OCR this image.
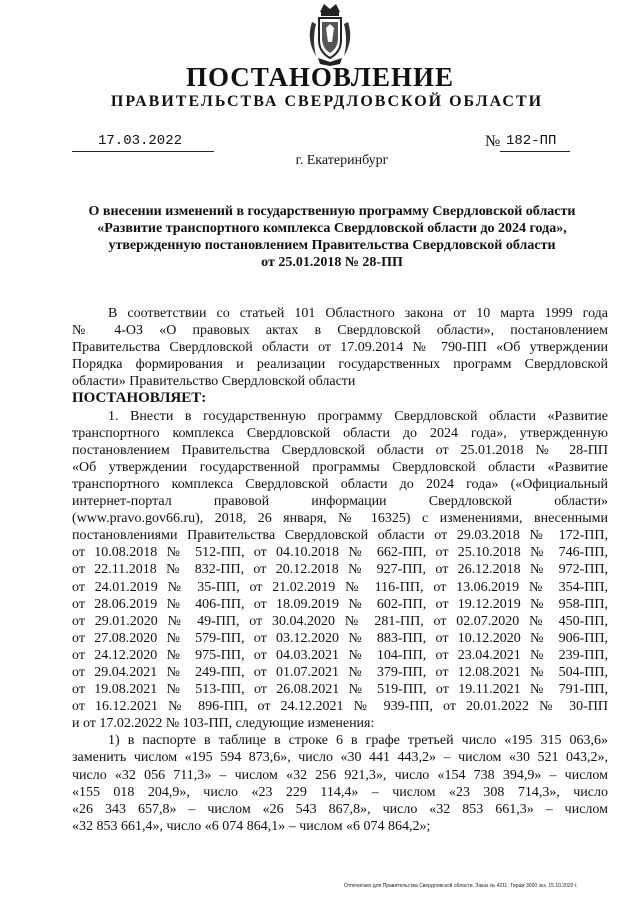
ПОСТАНОВЛЕНИЕ
ПРАВИТЕЛЬСТВА СВЕРДЛОВСКОЙ ОБЛАСТИ
17.03.2022	№ 182-ПП
г. Екатеринбург
О внесении изменений в государственную программу Свердловской области
«Развитие транспортного комплекса Свердловской области до 2024 года»,
утвержденную постановлением Правительства Свердловской области
от 25.01.2018 № 28-ПП
В соответствии со статьей 101 Областного закона от 10 марта 1999 года
№ 4-ОЗ «О правовых актах в Свердловской области», постановлением
Правительства Свердловской области от 17.09.2014 № 790-ПП «Об утверждении
Порядка формирования и реализации государственных программ Свердловской
области» Правительство Свердловской области
ПОСТАНОВЛЯЕТ:
1. Внести в государственную программу Свердловской области «Развитие
транспортного комплекса Свердловской области до 2024 года», утвержденную
постановлением Правительства Свердловской области от 25.01.2018 № 28-ПП
«Об утверждении государственной программы Свердловской области «Развитие
транспортного комплекса Свердловской области до 2024 года» («Официальный
интернет-портал правовой информации Свердловской области»
(www.pravo.gov66.ru), 2018, 26 января, № 16325) с изменениями, внесенными
постановлениями Правительства Свердловской области от 29.03.2018 № 172-ПП,
от 10.08.2018 № 512-ПП, от 04.10.2018 № 662-ПП, от 25.10.2018 № 746-ПП,
от 22.11.2018 № 832-ПП, от 20.12.2018 № 927-ПП, от 26.12.2018 № 972-ПП,
от 24.01.2019 № 35-ПП, от 21.02.2019 № 116-ПП, от 13.06.2019 № 354-ПП,
от 28.06.2019 № 406-ПП, от 18.09.2019 № 602-ПП, от 19.12.2019 № 958-ПП,
от 29.01.2020 № 49-ПП, от 30.04.2020 № 281-ПП, от 02.07.2020 № 450-ПП,
от 27.08.2020 № 579-ПП, от 03.12.2020 № 883-ПП, от 10.12.2020 № 906-ПП,
от 24.12.2020 № 975-ПП, от 04.03.2021 № 104-ПП, от 23.04.2021 № 239-ПП,
от 29.04.2021 № 249-ПП, от 01.07.2021 № 379-ПП, от 12.08.2021 № 504-ПП,
от 19.08.2021 № 513-ПП, от 26.08.2021 № 519-ПП, от 19.11.2021 № 791-ПП,
от 16.12.2021 № 896-ПП, от 24.12.2021 № 939-ПП, от 20.01.2022 № 30-ПП
и от 17.02.2022 № 103-ПП, следующие изменения:
1) в паспорте в таблице в строке 6 в графе третьей число «195 315 063,6»
заменить числом «195 594 873,6», число «30 441 443,2» – числом «30 521 043,2»,
число «32 056 711,3» – числом «32 256 921,3», число «154 738 394,9» – числом
«155 018 204,9», число «23 229 114,4» – числом «23 308 714,3», число
«26 343 657,8» – числом «26 543 867,8», число «32 853 661,3» – числом
«32 853 661,4», число «6 074 864,1» – числом «6 074 864,2»;
Отпечатано для Правительства Свердловской области. Заказ № 4211. Тираж 3000 экз. 15.10.2020 г.
